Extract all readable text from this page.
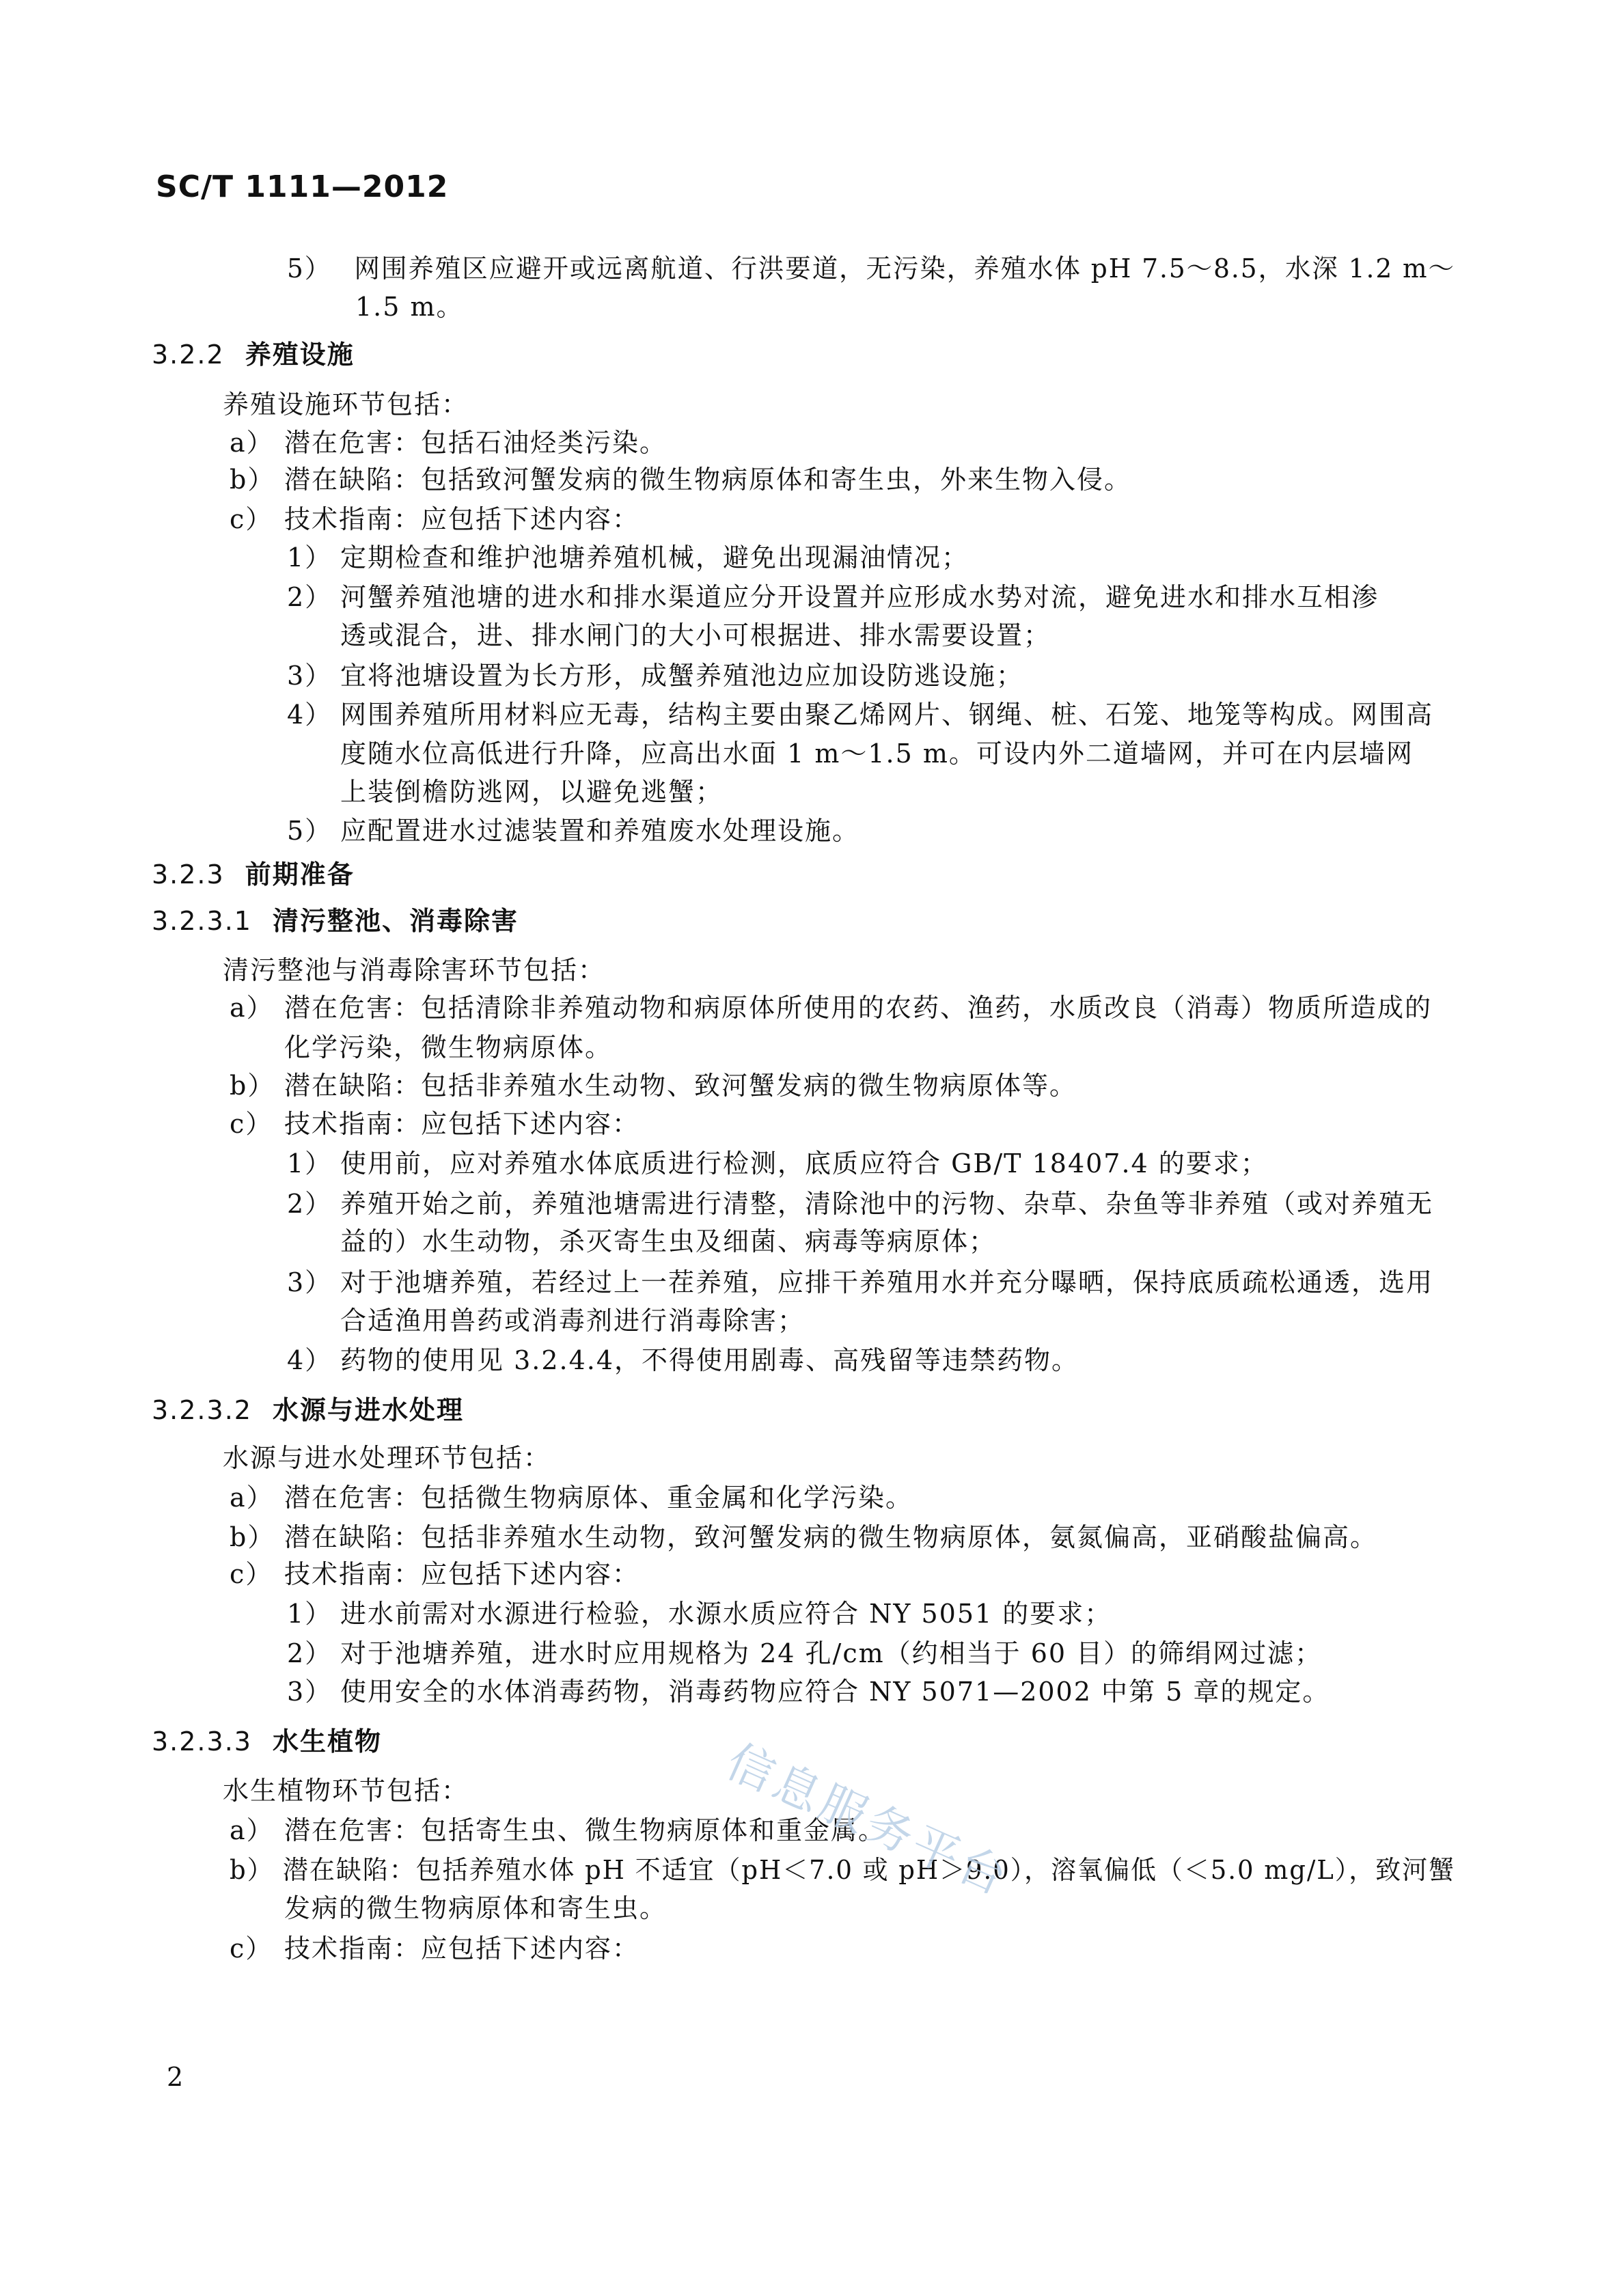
SC/T 1111—2012
5） 网围养殖区应避开或远离航道、行洪要道，无污染，养殖水体 pH 7.5～8.5，水深 1.2 m～
1.5 m。
3.2.2 养殖设施
养殖设施环节包括：
a） 潜在危害：包括石油烃类污染。
b） 潜在缺陷：包括致河蟹发病的微生物病原体和寄生虫，外来生物入侵。
c） 技术指南：应包括下述内容：
1） 定期检查和维护池塘养殖机械，避免出现漏油情况；
2） 河蟹养殖池塘的进水和排水渠道应分开设置并应形成水势对流，避免进水和排水互相渗
透或混合，进、排水闸门的大小可根据进、排水需要设置；
3） 宜将池塘设置为长方形，成蟹养殖池边应加设防逃设施；
4） 网围养殖所用材料应无毒，结构主要由聚乙烯网片、钢绳、桩、石笼、地笼等构成。网围高
度随水位高低进行升降，应高出水面 1 m～1.5 m。可设内外二道墙网，并可在内层墙网
上装倒檐防逃网，以避免逃蟹；
5） 应配置进水过滤装置和养殖废水处理设施。
3.2.3 前期准备
3.2.3.1 清污整池、消毒除害
清污整池与消毒除害环节包括：
a） 潜在危害：包括清除非养殖动物和病原体所使用的农药、渔药，水质改良（消毒）物质所造成的
化学污染，微生物病原体。
b） 潜在缺陷：包括非养殖水生动物、致河蟹发病的微生物病原体等。
c） 技术指南：应包括下述内容：
1） 使用前，应对养殖水体底质进行检测，底质应符合 GB/T 18407.4 的要求；
2） 养殖开始之前，养殖池塘需进行清整，清除池中的污物、杂草、杂鱼等非养殖（或对养殖无
益的）水生动物，杀灭寄生虫及细菌、病毒等病原体；
3） 对于池塘养殖，若经过上一茬养殖，应排干养殖用水并充分曝晒，保持底质疏松通透，选用
合适渔用兽药或消毒剂进行消毒除害；
4） 药物的使用见 3.2.4.4，不得使用剧毒、高残留等违禁药物。
3.2.3.2 水源与进水处理
水源与进水处理环节包括：
a） 潜在危害：包括微生物病原体、重金属和化学污染。
b） 潜在缺陷：包括非养殖水生动物，致河蟹发病的微生物病原体，氨氮偏高，亚硝酸盐偏高。
c） 技术指南：应包括下述内容：
1） 进水前需对水源进行检验，水源水质应符合 NY 5051 的要求；
2） 对于池塘养殖，进水时应用规格为 24 孔/cm（约相当于 60 目）的筛绢网过滤；
3） 使用安全的水体消毒药物，消毒药物应符合 NY 5071—2002 中第 5 章的规定。
3.2.3.3 水生植物
水生植物环节包括：
a） 潜在危害：包括寄生虫、微生物病原体和重金属。
b） 潜在缺陷：包括养殖水体 pH 不适宜（pH＜7.0 或 pH＞9.0），溶氧偏低（＜5.0 mg/L），致河蟹
发病的微生物病原体和寄生虫。
c） 技术指南：应包括下述内容：
2
信息服务平台
